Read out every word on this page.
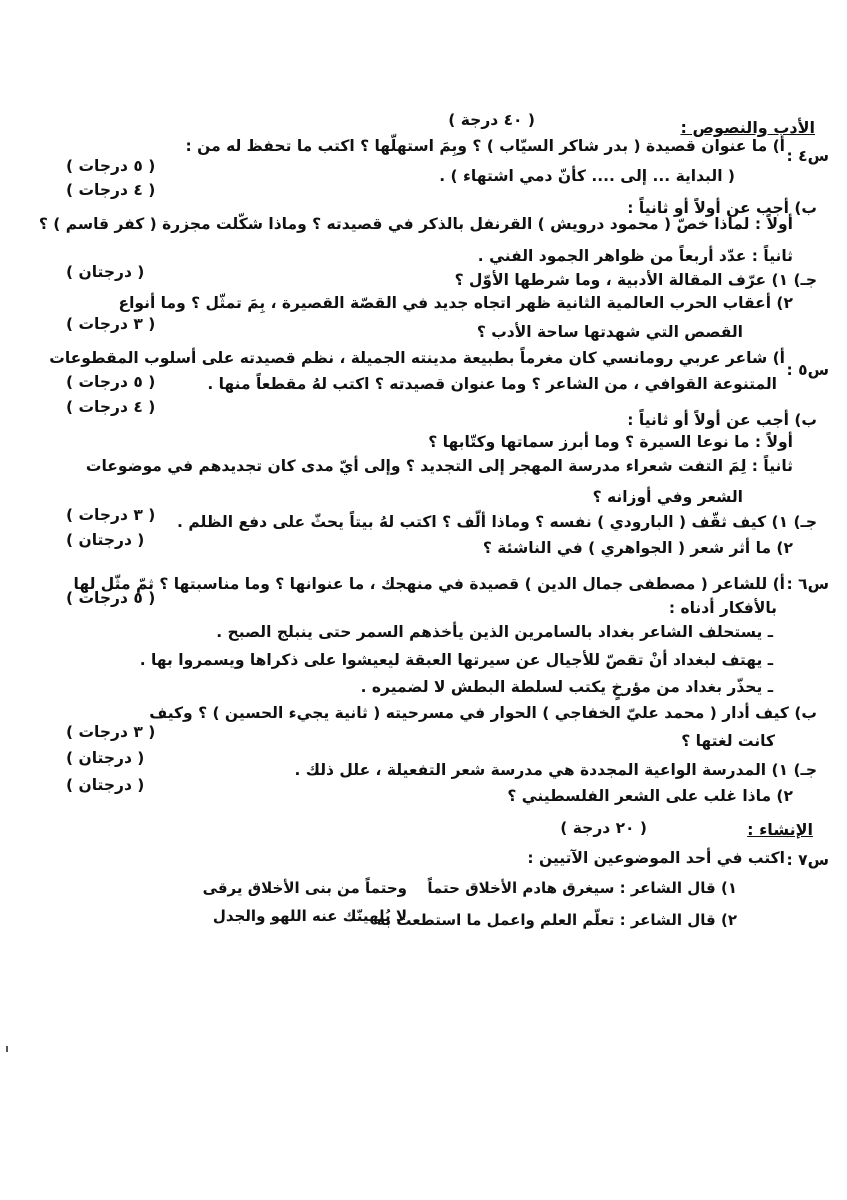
الأدب والنصوص :
( ٤٠ درجة )
س٤ :
أ) ما عنوان قصيدة ( بدر شاكر السيّاب ) ؟ وبِمَ استهلّها ؟ اكتب ما تحفظ له من :
( البداية ... إلى .... كأنّ دمي اشتهاء ) .
ب) أجب عن أولاً أو ثانياً :
أولاً : لماذا خصّ ( محمود درويش ) القرنفل بالذكر في قصيدته ؟ وماذا شكّلت مجزرة ( كفر قاسم ) ؟
ثانياً : عدّد أربعاً من ظواهر الجمود الفني .
جـ) ١) عرّف المقالة الأدبية ، وما شرطها الأوّل ؟
٢) أعقاب الحرب العالمية الثانية ظهر اتجاه جديد في القصّة القصيرة ، بِمَ تمثّل ؟ وما أنواع
القصص التي شهدتها ساحة الأدب ؟
( ٥ درجات )
( ٤ درجات )
( درجتان )
( ٣ درجات )
س٥ :
أ) شاعر عربي رومانسي كان مغرماً بطبيعة مدينته الجميلة ، نظم قصيدته على أسلوب المقطوعات
المتنوعة القوافي ، من الشاعر ؟ وما عنوان قصيدته ؟ اكتب لهُ مقطعاً منها .
ب) أجب عن أولاً أو ثانياً :
أولاً : ما نوعا السيرة ؟ وما أبرز سماتها وكتّابها ؟
ثانياً : لِمَ التفت شعراء مدرسة المهجر إلى التجديد ؟ وإلى أيّ مدى كان تجديدهم في موضوعات
الشعر وفي أوزانه ؟
جـ) ١) كيف ثقّف ( البارودي ) نفسه ؟ وماذا ألّف ؟ اكتب لهُ بيتاً يحثّ على دفع الظلم .
٢) ما أثر شعر ( الجواهري ) في الناشئة ؟
( ٥ درجات )
( ٤ درجات )
( ٣ درجات )
( درجتان )
س٦ :
أ) للشاعر ( مصطفى جمال الدين ) قصيدة في منهجك ، ما عنوانها ؟ وما مناسبتها ؟ ثمّ مثّل لها
بالأفكار أدناه :
ـ يستحلف الشاعر بغداد بالسامرين الذين يأخذهم السمر حتى ينبلج الصبح .
ـ يهتف لبغداد أنْ تقصّ للأجيال عن سيرتها العبقة ليعيشوا على ذكراها ويسمروا بها .
ـ يحذّر بغداد من مؤرخٍ يكتب لسلطة البطش لا لضميره .
ب) كيف أدار ( محمد عليّ الخفاجي ) الحوار في مسرحيته ( ثانية يجيء الحسين ) ؟ وكيف
كانت لغتها ؟
جـ) ١) المدرسة الواعية المجددة هي مدرسة شعر التفعيلة ، علل ذلك .
٢) ماذا غلب على الشعر الفلسطيني ؟
( ٥ درجات )
( ٣ درجات )
( درجتان )
( درجتان )
الإنشاء :
( ٢٠ درجة )
س٧ :
اكتب في أحد الموضوعين الآتيين :
١) قال الشاعر : سيغرق هادم الأخلاق حتماً
وحتماً من بنى الأخلاق يرقى
٢) قال الشاعر : تعلّم العلم واعمل ما استطعت به
لا يُلهينّك عنه اللهو والجدل
